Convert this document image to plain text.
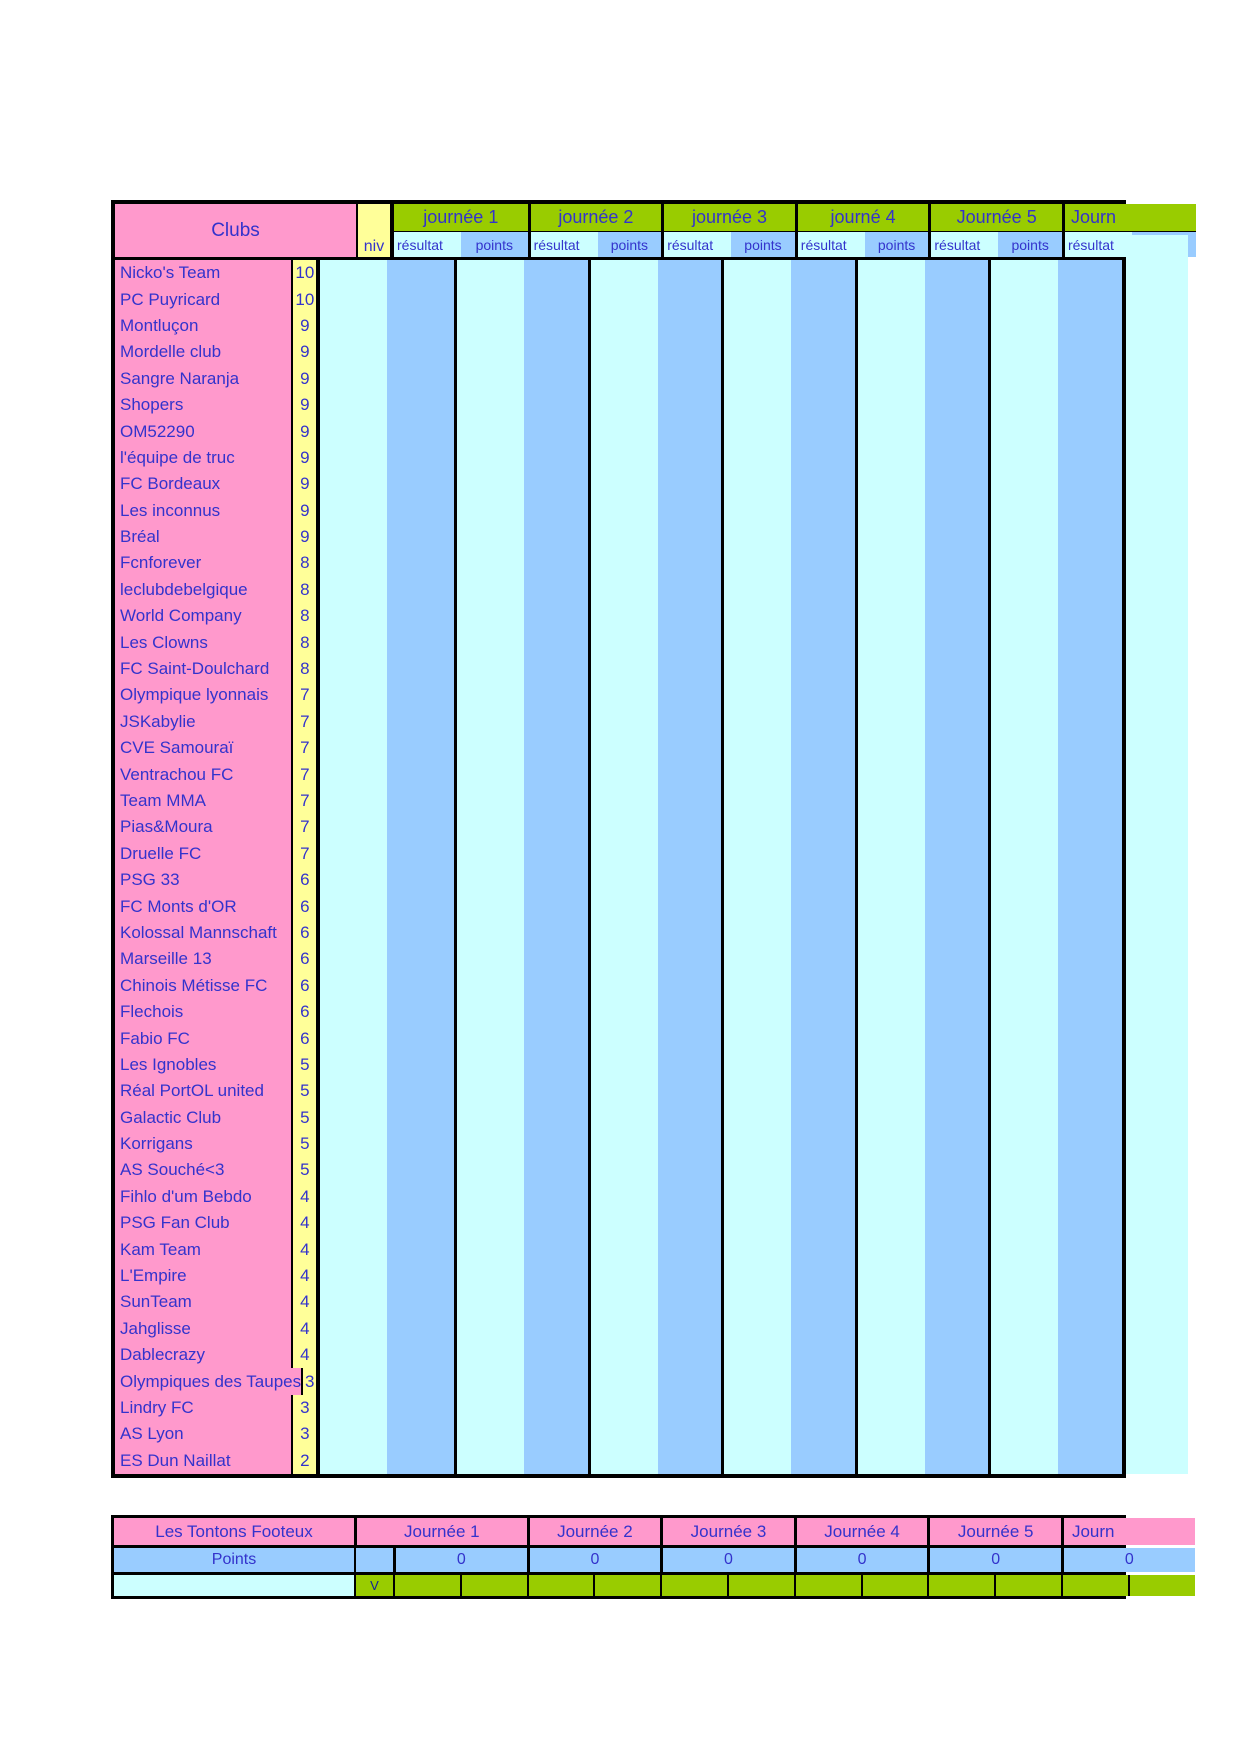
Clubs
niv
journée 1
résultat	points
journée 2
résultat	points
journée 3
résultat	points
journé 4
résultat	points
Journée 5
résultat	points
Journ
résultat
Nicko's Team	10
PC Puyricard	10
Montluçon	9
Mordelle club	9
Sangre Naranja	9
Shopers	9
OM52290	9
l'équipe de truc	9
FC Bordeaux	9
Les inconnus	9
Bréal	9
Fcnforever	8
leclubdebelgique	8
World Company	8
Les Clowns	8
FC Saint-Doulchard	8
Olympique lyonnais	7
JSKabylie	7
CVE Samouraï	7
Ventrachou FC	7
Team MMA	7
Pias&Moura	7
Druelle FC	7
PSG 33	6
FC Monts d'OR	6
Kolossal Mannschaft	6
Marseille 13	6
Chinois Métisse FC	6
Flechois	6
Fabio FC	6
Les Ignobles	5
Réal PortOL united	5
Galactic Club	5
Korrigans	5
AS Souché<3	5
Fihlo d'um Bebdo	4
PSG Fan Club	4
Kam Team	4
L'Empire	4
SunTeam	4
Jahglisse	4
Dablecrazy	4
Olympiques des Taupes 3
Lindry FC	3
AS Lyon	3
ES Dun Naillat	2
Les Tontons Footeux	Journée 1	Journée 2	Journée 3	Journée 4	Journée 5	Journ
Points	0	0	0	0	0	0
V
